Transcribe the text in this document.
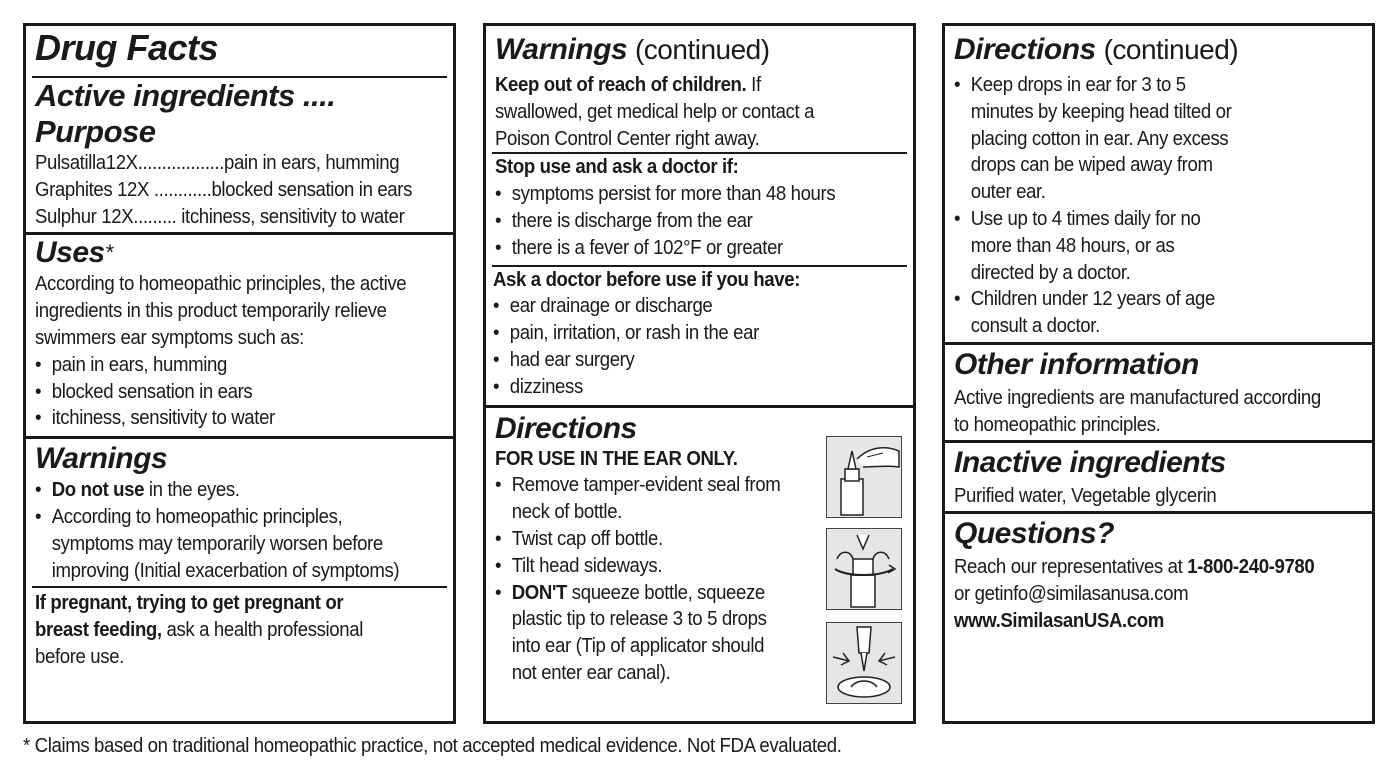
Drug Facts
Active ingredients .... Purpose
Pulsatilla12X..................pain in ears, humming
Graphites 12X ............blocked sensation in ears
Sulphur 12X......... itchiness, sensitivity to water
Uses*
According to homeopathic principles, the active
ingredients in this product temporarily relieve
swimmers ear symptoms such as:
• pain in ears, humming
• blocked sensation in ears
• itchiness, sensitivity to water
Warnings
• Do not use in the eyes.
• According to homeopathic principles,
symptoms may temporarily worsen before
improving (Initial exacerbation of symptoms)
If pregnant, trying to get pregnant or
breast feeding, ask a health professional
before use.
Warnings (continued)
Keep out of reach of children. If
swallowed, get medical help or contact a
Poison Control Center right away.
Stop use and ask a doctor if:
• symptoms persist for more than 48 hours
• there is discharge from the ear
• there is a fever of 102°F or greater
Ask a doctor before use if you have:
• ear drainage or discharge
• pain, irritation, or rash in the ear
• had ear surgery
• dizziness
Directions
FOR USE IN THE EAR ONLY.
• Remove tamper-evident seal from
neck of bottle.
• Twist cap off bottle.
• Tilt head sideways.
• DON'T squeeze bottle, squeeze
plastic tip to release 3 to 5 drops
into ear (Tip of applicator should
not enter ear canal).
Directions (continued)
• Keep drops in ear for 3 to 5
minutes by keeping head tilted or
placing cotton in ear. Any excess
drops can be wiped away from
outer ear.
• Use up to 4 times daily for no
more than 48 hours, or as
directed by a doctor.
• Children under 12 years of age
consult a doctor.
Other information
Active ingredients are manufactured according
to homeopathic principles.
Inactive ingredients
Purified water, Vegetable glycerin
Questions?
Reach our representatives at 1-800-240-9780
or getinfo@similasanusa.com
www.SimilasanUSA.com
* Claims based on traditional homeopathic practice, not accepted medical evidence. Not FDA evaluated.
